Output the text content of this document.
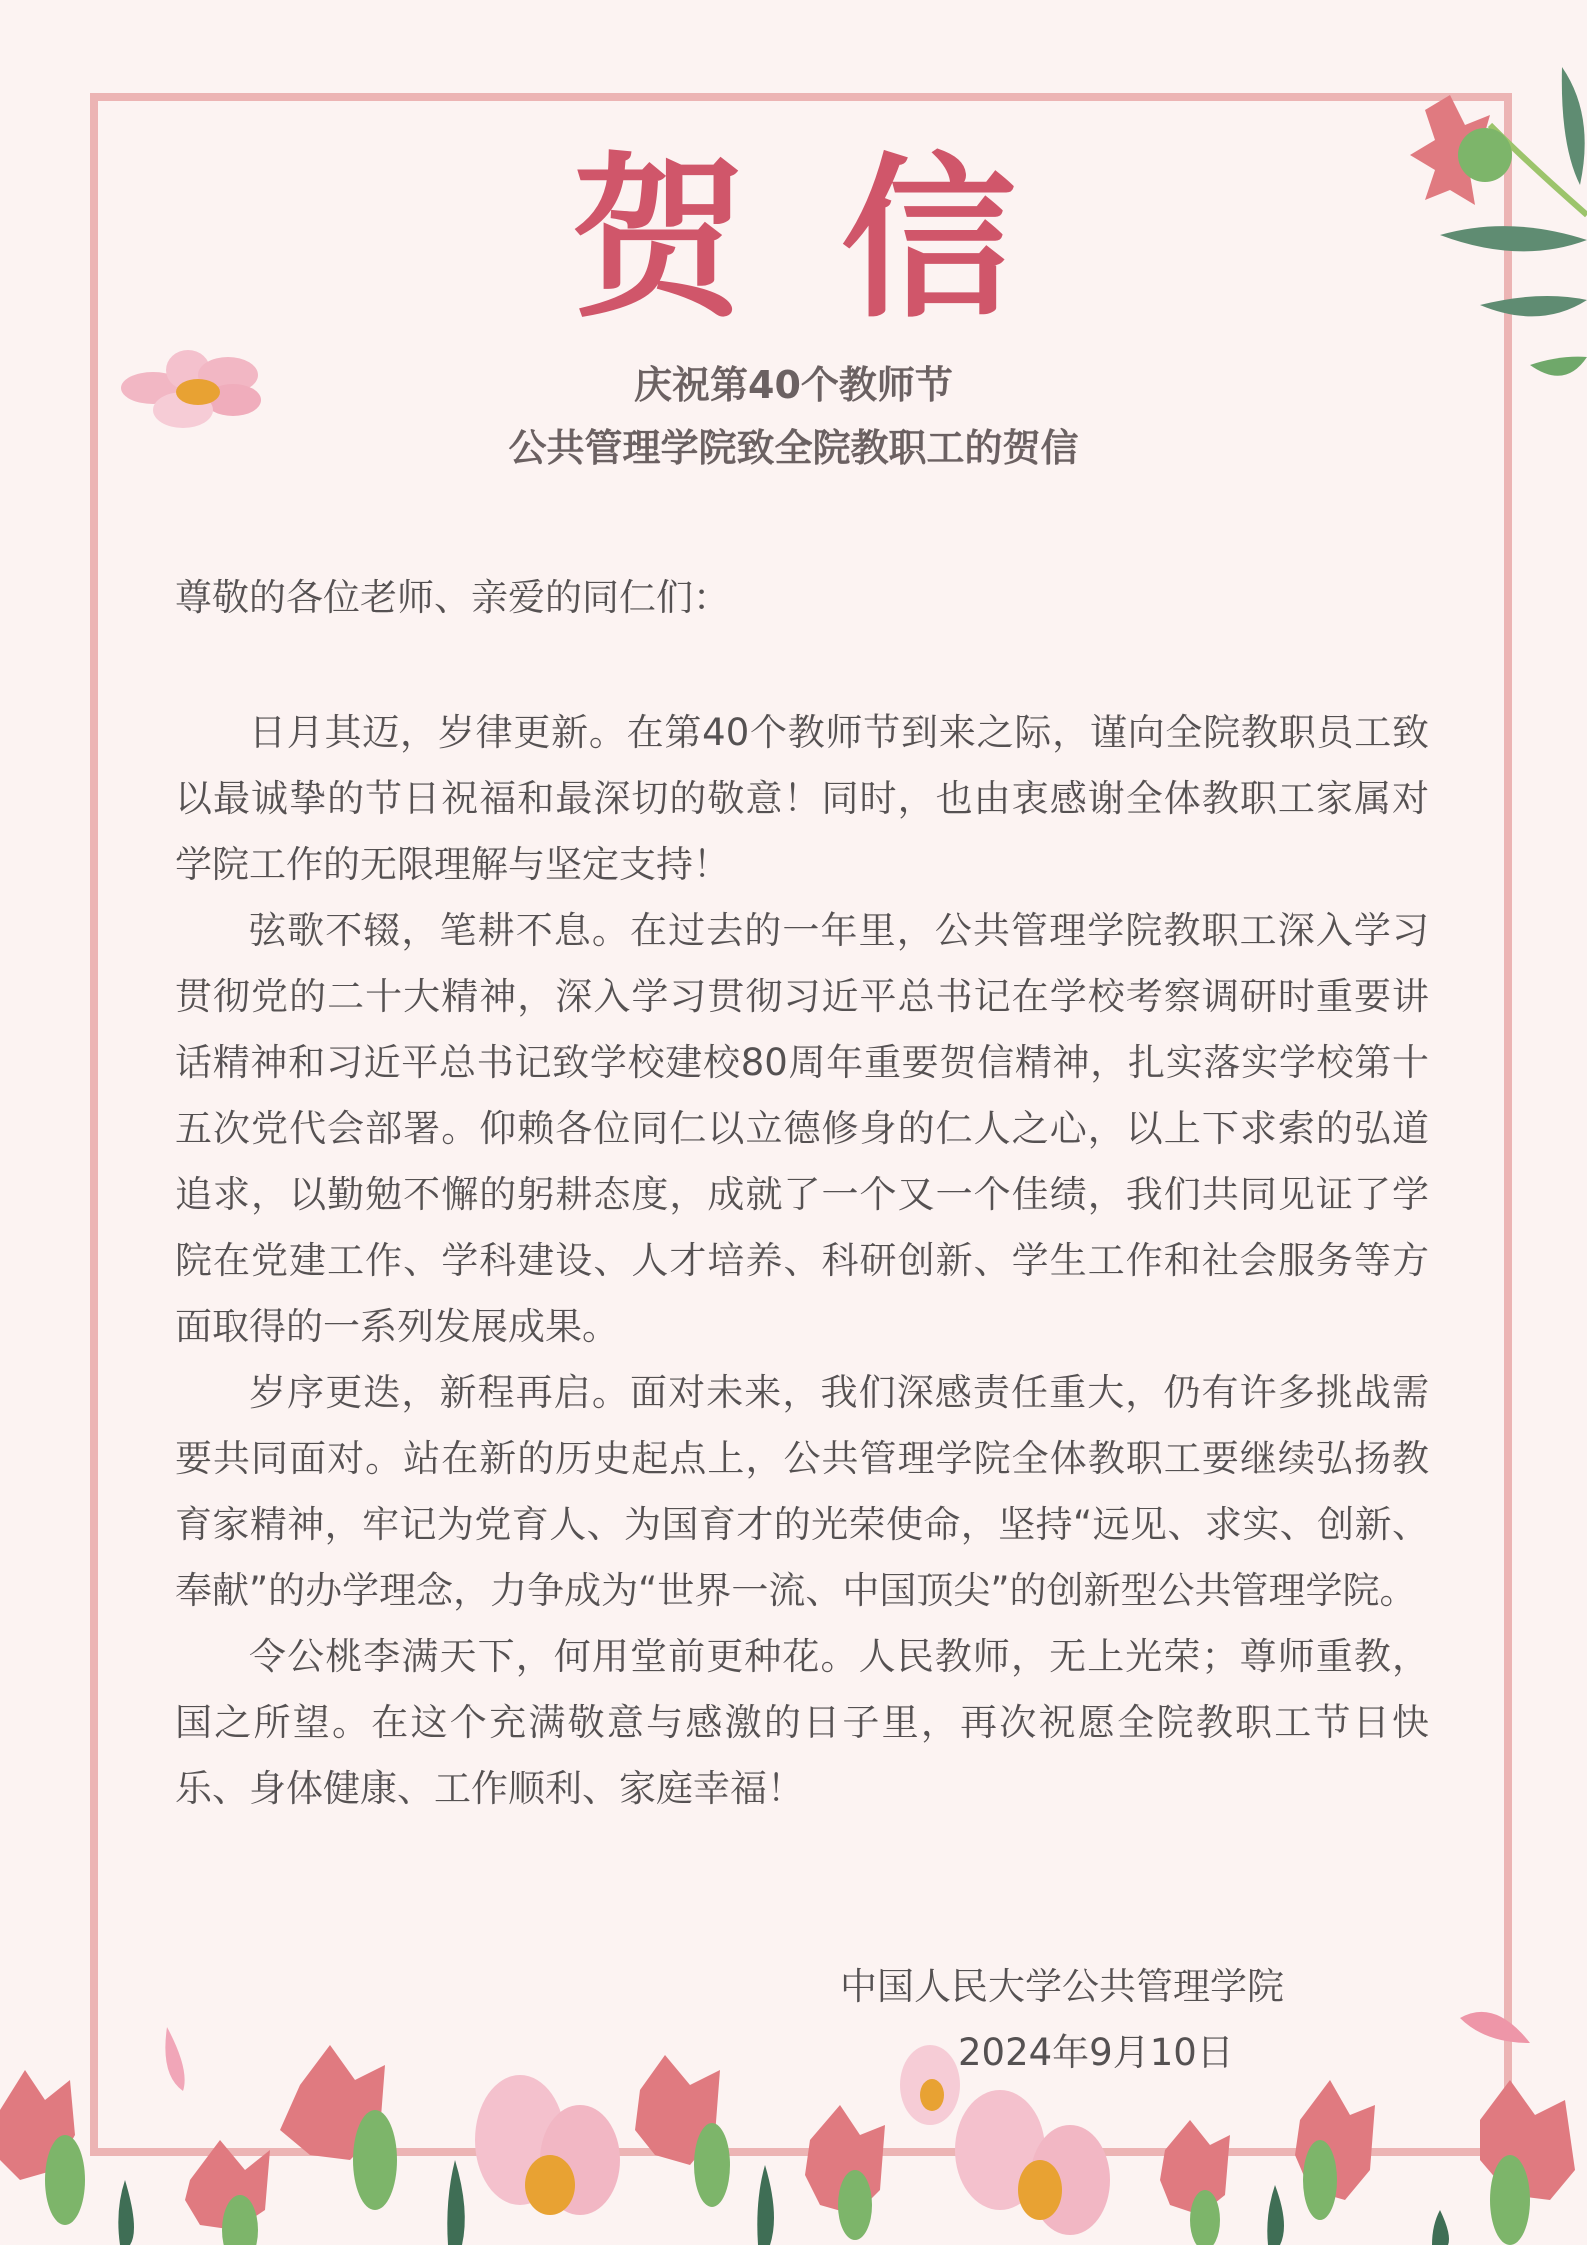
贺信
庆祝第40个教师节
公共管理学院致全院教职工的贺信
尊敬的各位老师、亲爱的同仁们：

日月其迈，岁律更新。在第40个教师节到来之际，谨向全院教职员工致以最诚挚的节日祝福和最深切的敬意！同时，也由衷感谢全体教职工家属对学院工作的无限理解与坚定支持！

弦歌不辍，笔耕不息。在过去的一年里，公共管理学院教职工深入学习贯彻党的二十大精神，深入学习贯彻习近平总书记在学校考察调研时重要讲话精神和习近平总书记致学校建校80周年重要贺信精神，扎实落实学校第十五次党代会部署。仰赖各位同仁以立德修身的仁人之心，以上下求索的弘道追求，以勤勉不懈的躬耕态度，成就了一个又一个佳绩，我们共同见证了学院在党建工作、学科建设、人才培养、科研创新、学生工作和社会服务等方面取得的一系列发展成果。

岁序更迭，新程再启。面对未来，我们深感责任重大，仍有许多挑战需要共同面对。站在新的历史起点上，公共管理学院全体教职工要继续弘扬教育家精神，牢记为党育人、为国育才的光荣使命，坚持“远见、求实、创新、奉献”的办学理念，力争成为“世界一流、中国顶尖”的创新型公共管理学院。

令公桃李满天下，何用堂前更种花。人民教师，无上光荣；尊师重教，国之所望。在这个充满敬意与感激的日子里，再次祝愿全院教职工节日快乐、身体健康、工作顺利、家庭幸福！

中国人民大学公共管理学院
2024年9月10日
